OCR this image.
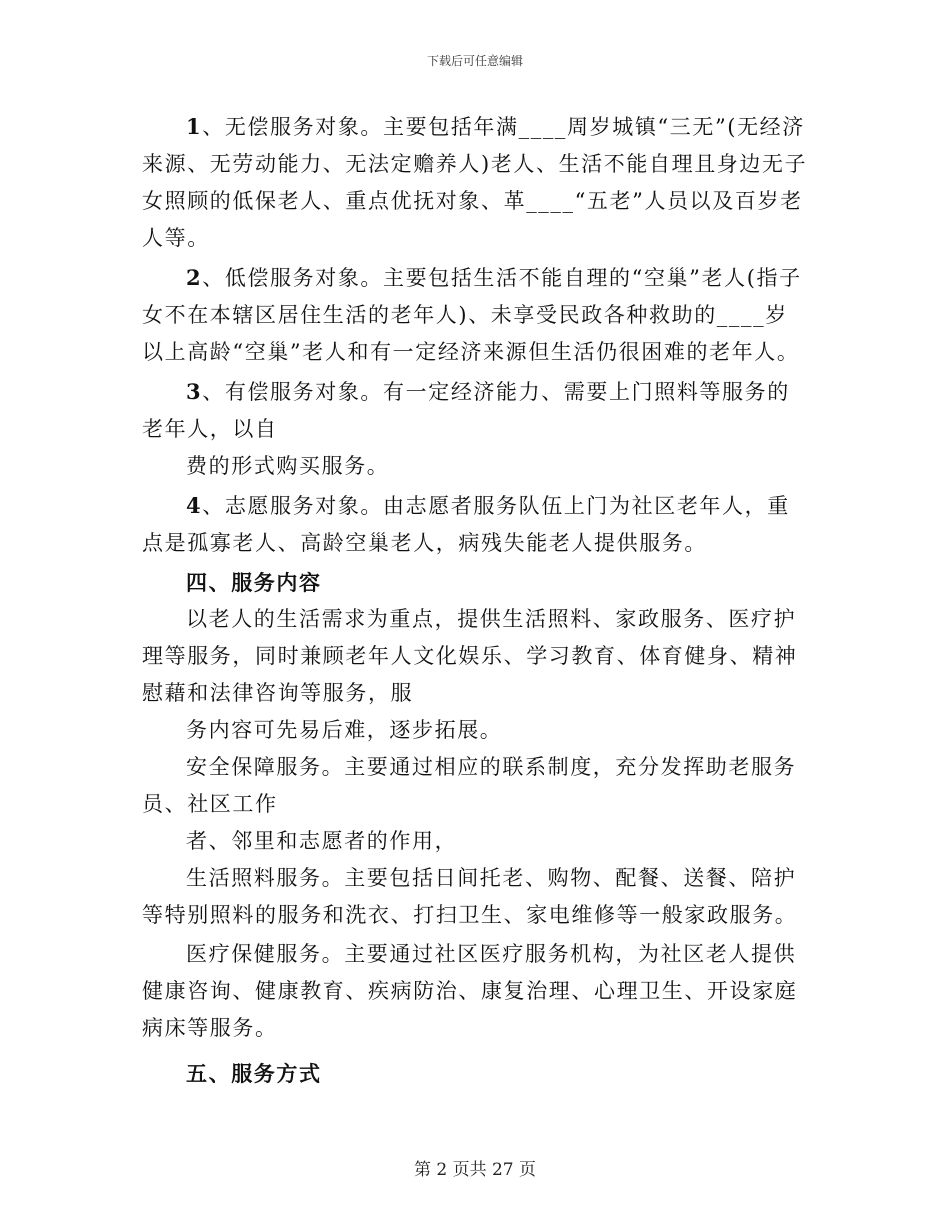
下载后可任意编辑

1、无偿服务对象。主要包括年满____周岁城镇“三无”(无经济来源、无劳动能力、无法定赡养人)老人、生活不能自理且身边无子女照顾的低保老人、重点优抚对象、革____“五老”人员以及百岁老人等。

2、低偿服务对象。主要包括生活不能自理的“空巢”老人(指子女不在本辖区居住生活的老年人)、未享受民政各种救助的____岁以上高龄“空巢”老人和有一定经济来源但生活仍很困难的老年人。

3、有偿服务对象。有一定经济能力、需要上门照料等服务的老年人，以自

费的形式购买服务。

4、志愿服务对象。由志愿者服务队伍上门为社区老年人，重点是孤寡老人、高龄空巢老人，病残失能老人提供服务。

四、服务内容

以老人的生活需求为重点，提供生活照料、家政服务、医疗护理等服务，同时兼顾老年人文化娱乐、学习教育、体育健身、精神慰藉和法律咨询等服务，服

务内容可先易后难，逐步拓展。

安全保障服务。主要通过相应的联系制度，充分发挥助老服务员、社区工作

者、邻里和志愿者的作用，

生活照料服务。主要包括日间托老、购物、配餐、送餐、陪护等特别照料的服务和洗衣、打扫卫生、家电维修等一般家政服务。

医疗保健服务。主要通过社区医疗服务机构，为社区老人提供健康咨询、健康教育、疾病防治、康复治理、心理卫生、开设家庭病床等服务。

五、服务方式

第 2 页共 27 页
